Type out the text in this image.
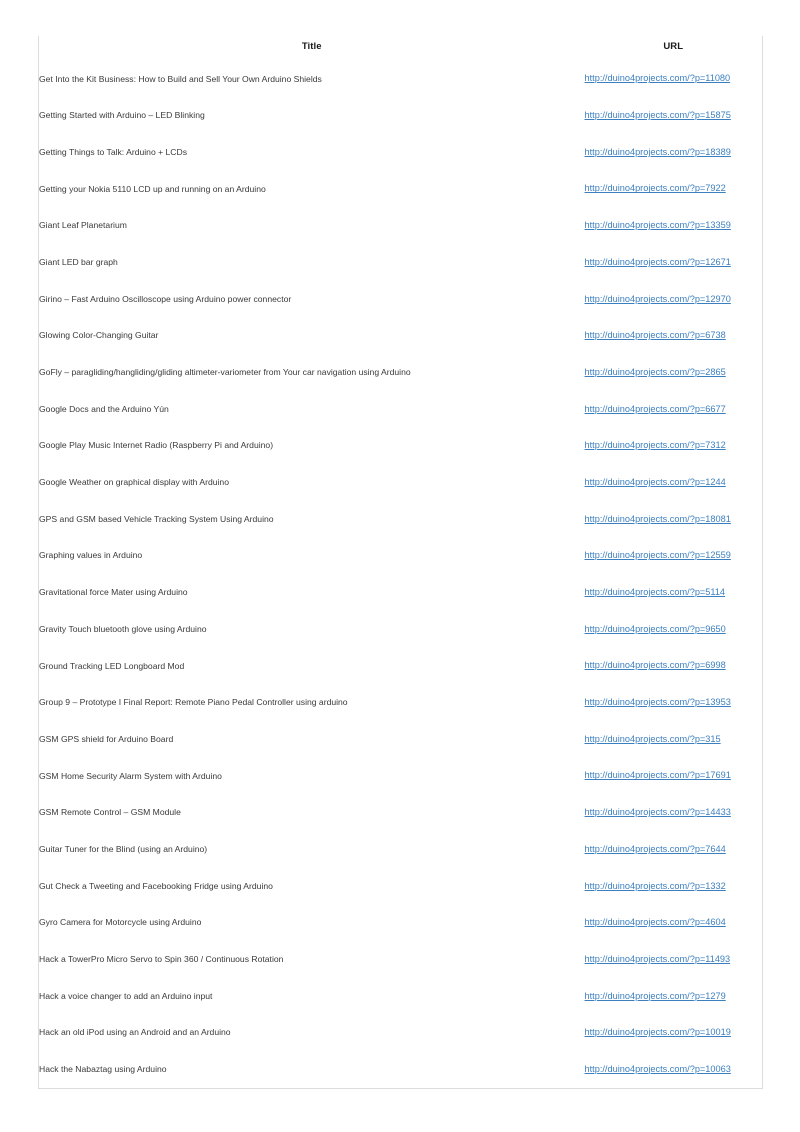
Title	URL
Get Into the Kit Business: How to Build and Sell Your Own Arduino Shields	http://duino4projects.com/?p=11080

Getting Started with Arduino – LED Blinking	http://duino4projects.com/?p=15875

Getting Things to Talk: Arduino + LCDs	http://duino4projects.com/?p=18389

Getting your Nokia 5110 LCD up and running on an Arduino	http://duino4projects.com/?p=7922

Giant Leaf Planetarium	http://duino4projects.com/?p=13359

Giant LED bar graph	http://duino4projects.com/?p=12671

Girino – Fast Arduino Oscilloscope using Arduino power connector	http://duino4projects.com/?p=12970

Glowing Color-Changing Guitar	http://duino4projects.com/?p=6738

GoFly – paragliding/hangliding/gliding altimeter-variometer from Your car navigation using Arduino	http://duino4projects.com/?p=2865

Google Docs and the Arduino Yún	http://duino4projects.com/?p=6677

Google Play Music Internet Radio (Raspberry Pi and Arduino)	http://duino4projects.com/?p=7312

Google Weather on graphical display with Arduino	http://duino4projects.com/?p=1244

GPS and GSM based Vehicle Tracking System Using Arduino	http://duino4projects.com/?p=18081

Graphing values in Arduino	http://duino4projects.com/?p=12559

Gravitational force Mater using Arduino	http://duino4projects.com/?p=5114

Gravity Touch bluetooth glove using Arduino	http://duino4projects.com/?p=9650

Ground Tracking LED Longboard Mod	http://duino4projects.com/?p=6998

Group 9 – Prototype I Final Report: Remote Piano Pedal Controller using arduino	http://duino4projects.com/?p=13953

GSM GPS shield for Arduino Board	http://duino4projects.com/?p=315

GSM Home Security Alarm System with Arduino	http://duino4projects.com/?p=17691

GSM Remote Control – GSM Module	http://duino4projects.com/?p=14433

Guitar Tuner for the Blind (using an Arduino)	http://duino4projects.com/?p=7644

Gut Check a Tweeting and Facebooking Fridge using Arduino	http://duino4projects.com/?p=1332

Gyro Camera for Motorcycle using Arduino	http://duino4projects.com/?p=4604

Hack a TowerPro Micro Servo to Spin 360 / Continuous Rotation	http://duino4projects.com/?p=11493

Hack a voice changer to add an Arduino input	http://duino4projects.com/?p=1279

Hack an old iPod using an Android and an Arduino	http://duino4projects.com/?p=10019

Hack the Nabaztag using Arduino	http://duino4projects.com/?p=10063
